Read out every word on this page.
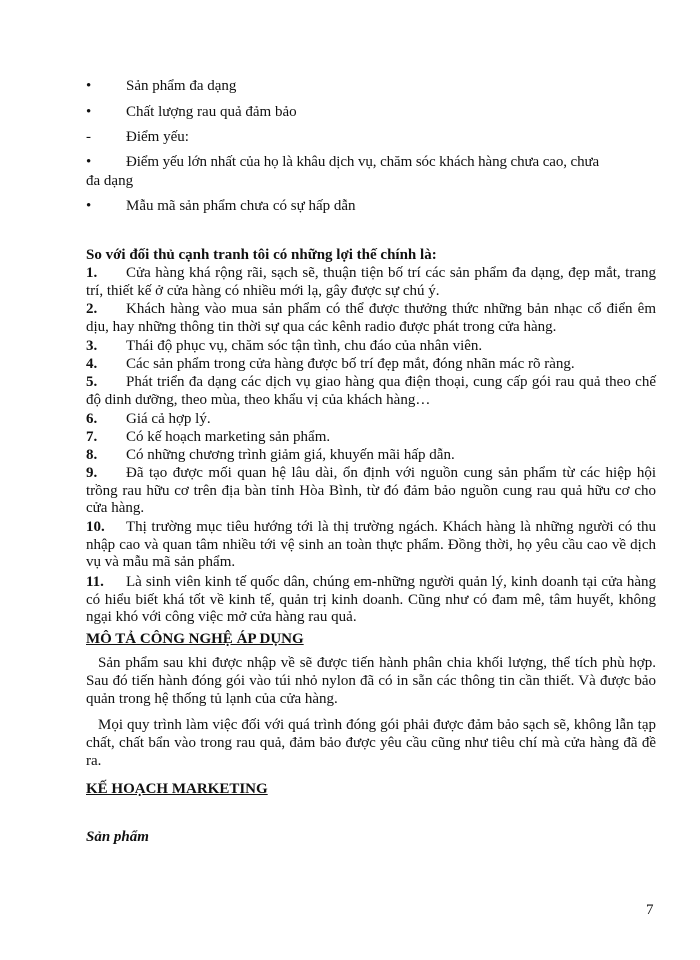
•	Sản phẩm đa dạng
•	Chất lượng rau quả đảm bảo
-	Điểm yếu:
•	Điểm yếu lớn nhất của họ là khâu dịch vụ, chăm sóc khách hàng chưa cao, chưa
đa dạng
•	Mẫu mã sản phẩm chưa có sự hấp dẫn
So với đối thủ cạnh tranh tôi có những lợi thế chính là:
1. Cửa hàng khá rộng rãi, sạch sẽ, thuận tiện bố trí các sản phẩm đa dạng, đẹp mắt, trang trí, thiết kế ở cửa hàng có nhiều mới lạ, gây được sự chú ý.
2. Khách hàng vào mua sản phẩm có thể được thưởng thức những bản nhạc cổ điển êm dịu, hay những thông tin thời sự qua các kênh radio được phát trong cửa hàng.
3. Thái độ phục vụ, chăm sóc tận tình, chu đáo của nhân viên.
4. Các sản phẩm trong cửa hàng được bố trí đẹp mắt, đóng nhãn mác rõ ràng.
5. Phát triển đa dạng các dịch vụ giao hàng qua điện thoại, cung cấp gói rau quả theo chế độ dinh dưỡng, theo mùa, theo khẩu vị của khách hàng…
6. Giá cả hợp lý.
7. Có kế hoạch marketing sản phẩm.
8. Có những chương trình giảm giá, khuyến mãi hấp dẫn.
9. Đã tạo được mối quan hệ lâu dài, ổn định với nguồn cung sản phẩm từ các hiệp hội trồng rau hữu cơ trên địa bàn tỉnh Hòa Bình, từ đó đảm bảo nguồn cung rau quả hữu cơ cho cửa hàng.
10. Thị trường mục tiêu hướng tới là thị trường ngách. Khách hàng là những người có thu nhập cao và quan tâm nhiều tới vệ sinh an toàn thực phẩm. Đồng thời, họ yêu cầu cao về dịch vụ và mẫu mã sản phẩm.
11. Là sinh viên kinh tế quốc dân, chúng em-những người quản lý, kinh doanh tại cửa hàng có hiểu biết khá tốt về kinh tế, quản trị kinh doanh. Cũng như có đam mê, tâm huyết, không ngại khó với công việc mở cửa hàng rau quả.
MÔ TẢ CÔNG NGHỆ ÁP DỤNG
Sản phẩm sau khi được nhập về sẽ được tiến hành phân chia khối lượng, thể tích phù hợp. Sau đó tiến hành đóng gói vào túi nhỏ nylon đã có in sẵn các thông tin cần thiết. Và được bảo quản trong hệ thống tủ lạnh của cửa hàng.
Mọi quy trình làm việc đối với quá trình đóng gói phải được đảm bảo sạch sẽ, không lẫn tạp chất, chất bẩn vào trong rau quả, đảm bảo được yêu cầu cũng như tiêu chí mà cửa hàng đã đề ra.
KẾ HOẠCH MARKETING
Sản phẩm
7
